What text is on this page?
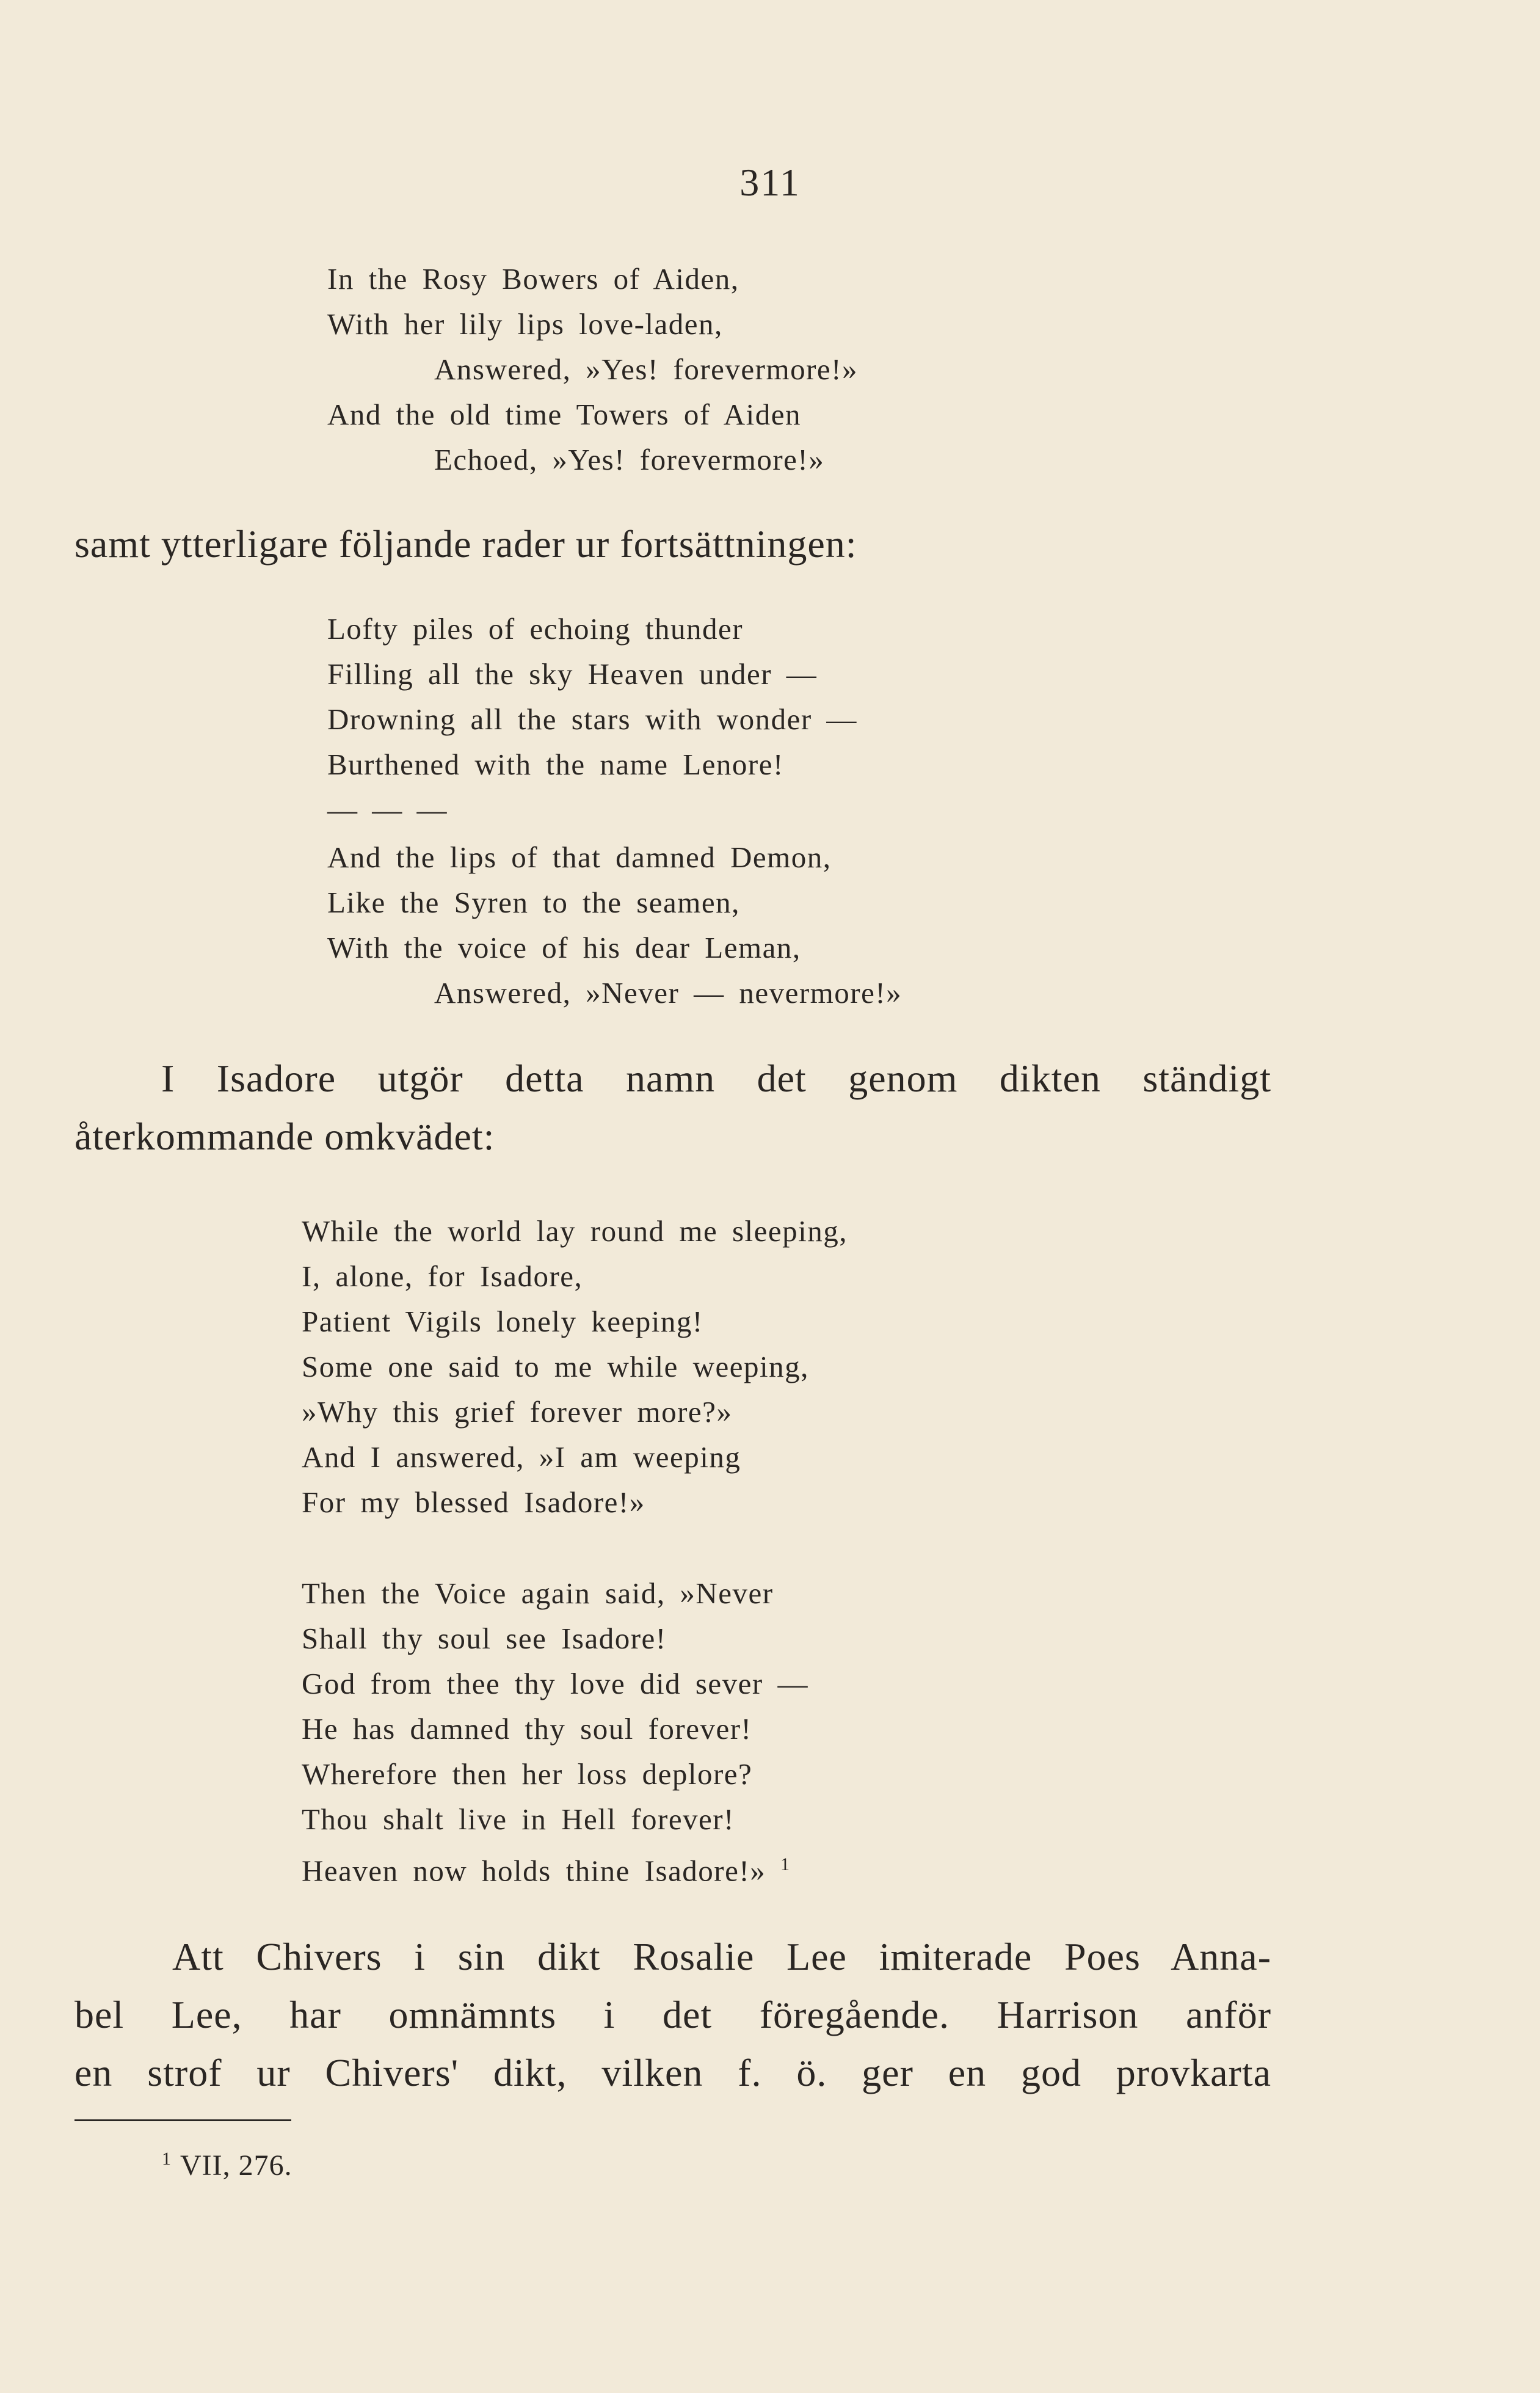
311
In the Rosy Bowers of Aiden,
With her lily lips love-laden,
Answered, »Yes! forevermore!»
And the old time Towers of Aiden
Echoed, »Yes! forevermore!»
samt ytterligare följande rader ur fortsättningen:
Lofty piles of echoing thunder
Filling all the sky Heaven under —
Drowning all the stars with wonder —
Burthened with the name Lenore!
— — —
And the lips of that damned Demon,
Like the Syren to the seamen,
With the voice of his dear Leman,
Answered, »Never — nevermore!»
I Isadore utgör detta namn det genom dikten ständigt
återkommande omkvädet:
While the world lay round me sleeping,
I, alone, for Isadore,
Patient Vigils lonely keeping!
Some one said to me while weeping,
»Why this grief forever more?»
And I answered, »I am weeping
For my blessed Isadore!»
Then the Voice again said, »Never
Shall thy soul see Isadore!
God from thee thy love did sever —
He has damned thy soul forever!
Wherefore then her loss deplore?
Thou shalt live in Hell forever!
Heaven now holds thine Isadore!» $^1$
Att Chivers i sin dikt Rosalie Lee imiterade Poes Anna-
bel Lee, har omnämnts i det föregående. Harrison anför
en strof ur Chivers' dikt, vilken f. ö. ger en god provkarta
$^1$ VII, 276.
